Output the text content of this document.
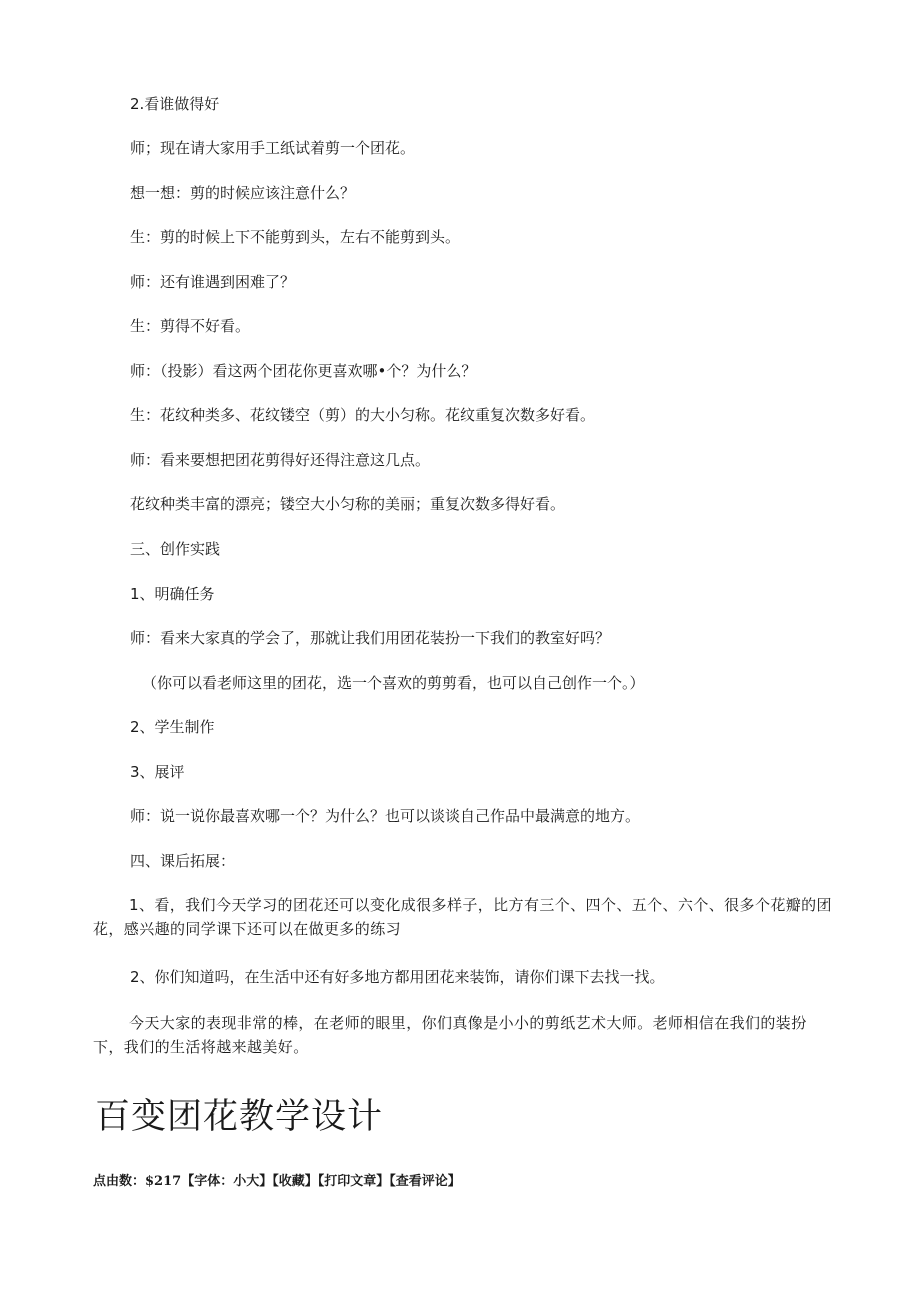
2.看谁做得好

师；现在请大家用手工纸试着剪一个团花。

想一想：剪的时候应该注意什么？

生：剪的时候上下不能剪到头，左右不能剪到头。

师：还有谁遇到困难了？

生：剪得不好看。

师：（投影）看这两个团花你更喜欢哪•个？为什么？

生：花纹种类多、花纹镂空（剪）的大小匀称。花纹重复次数多好看。

师：看来要想把团花剪得好还得注意这几点。

花纹种类丰富的漂亮；镂空大小匀称的美丽；重复次数多得好看。

三、创作实践

1、明确任务

师：看来大家真的学会了，那就让我们用团花装扮一下我们的教室好吗？

（你可以看老师这里的团花，选一个喜欢的剪剪看，也可以自己创作一个。）

2、学生制作

3、展评

师：说一说你最喜欢哪一个？为什么？也可以谈谈自己作品中最满意的地方。

四、课后拓展：

1、看，我们今天学习的团花还可以变化成很多样子，比方有三个、四个、五个、六个、很多个花瓣的团花，感兴趣的同学课下还可以在做更多的练习

2、你们知道吗，在生活中还有好多地方都用团花来装饰，请你们课下去找一找。

今天大家的表现非常的棒，在老师的眼里，你们真像是小小的剪纸艺术大师。老师相信在我们的装扮下，我们的生活将越来越美好。

百变团花教学设计
点由数：$217【字体：小大】【收藏】【打印文章】【查看评论】
